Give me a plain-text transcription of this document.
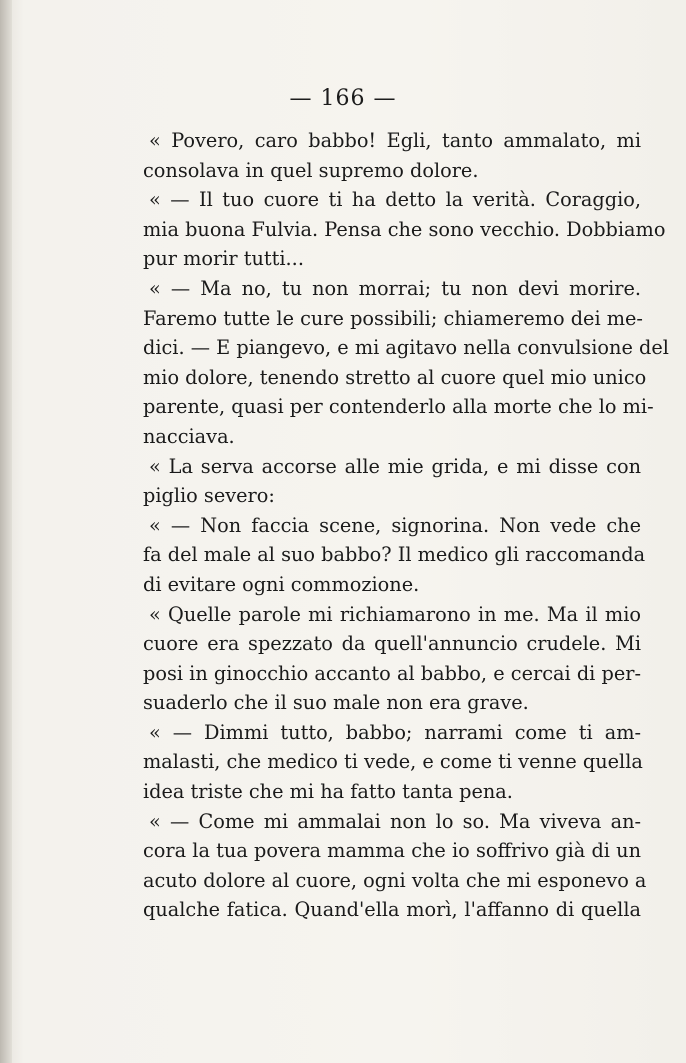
— 166 —
« Povero, caro babbo! Egli, tanto ammalato, mi
consolava in quel supremo dolore.
« — Il tuo cuore ti ha detto la verità. Coraggio,
mia buona Fulvia. Pensa che sono vecchio. Dobbiamo
pur morir tutti...
« — Ma no, tu non morrai; tu non devi morire.
Faremo tutte le cure possibili; chiameremo dei me-
dici. — E piangevo, e mi agitavo nella convulsione del
mio dolore, tenendo stretto al cuore quel mio unico
parente, quasi per contenderlo alla morte che lo mi-
nacciava.
« La serva accorse alle mie grida, e mi disse con
piglio severo:
« — Non faccia scene, signorina. Non vede che
fa del male al suo babbo? Il medico gli raccomanda
di evitare ogni commozione.
« Quelle parole mi richiamarono in me. Ma il mio
cuore era spezzato da quell'annuncio crudele. Mi
posi in ginocchio accanto al babbo, e cercai di per-
suaderlo che il suo male non era grave.
« — Dimmi tutto, babbo; narrami come ti am-
malasti, che medico ti vede, e come ti venne quella
idea triste che mi ha fatto tanta pena.
« — Come mi ammalai non lo so. Ma viveva an-
cora la tua povera mamma che io soffrivo già di un
acuto dolore al cuore, ogni volta che mi esponevo a
qualche fatica. Quand'ella morì, l'affanno di quella
